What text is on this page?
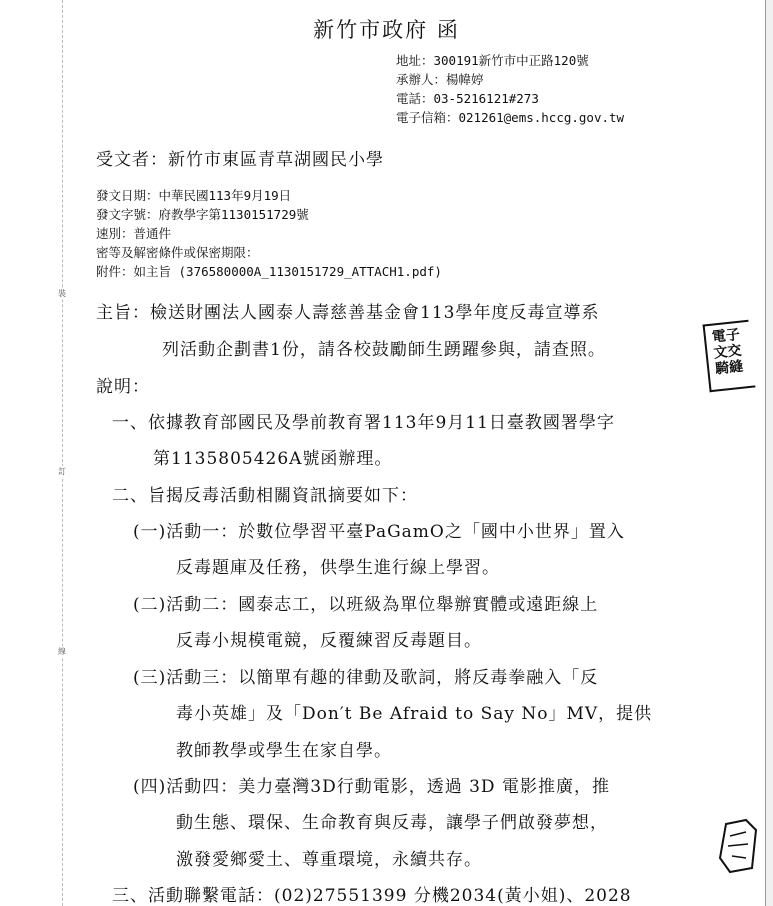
裝
訂
線
新竹市政府 函
地址：300191新竹市中正路120號
承辦人：楊幃婷
電話：03-5216121#273
電子信箱：021261@ems.hccg.gov.tw
受文者：新竹市東區青草湖國民小學
發文日期：中華民國113年9月19日
發文字號：府教學字第1130151729號
速別：普通件
密等及解密條件或保密期限：
附件：如主旨 (376580000A_1130151729_ATTACH1.pdf)
主旨：檢送財團法人國泰人壽慈善基金會113學年度反毒宣導系
列活動企劃書1份，請各校鼓勵師生踴躍參與，請查照。
說明：
一、依據教育部國民及學前教育署113年9月11日臺教國署學字
第1135805426A號函辦理。
二、旨揭反毒活動相關資訊摘要如下：
(一)活動一：於數位學習平臺PaGamO之「國中小世界」置入
反毒題庫及任務，供學生進行線上學習。
(二)活動二：國泰志工，以班級為單位舉辦實體或遠距線上
反毒小規模電競，反覆練習反毒題目。
(三)活動三：以簡單有趣的律動及歌詞，將反毒拳融入「反
毒小英雄」及「Don′t Be Afraid to Say No」MV，提供
教師教學或學生在家自學。
(四)活動四：美力臺灣3D行動電影，透過 3D 電影推廣，推
動生態、環保、生命教育與反毒，讓學子們啟發夢想，
激發愛鄉愛土、尊重環境，永續共存。
三、活動聯繫電話：(02)27551399 分機2034(黃小姐)、2028
電子
文交
騎縫
